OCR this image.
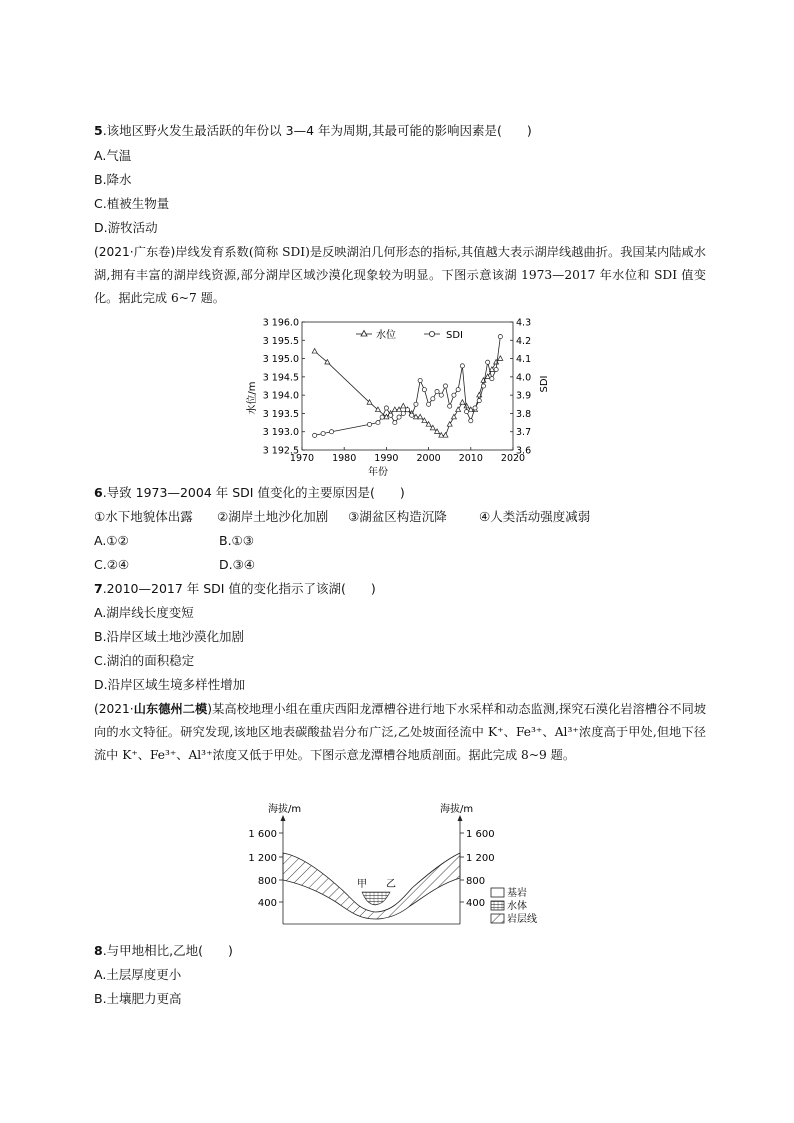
5.该地区野火发生最活跃的年份以 3—4 年为周期,其最可能的影响因素是(　　)
A.气温
B.降水
C.植被生物量
D.游牧活动
(2021·广东卷)岸线发育系数(简称 SDI)是反映湖泊几何形态的指标,其值越大表示湖岸线越曲折。我国某内陆咸水湖,拥有丰富的湖岸线资源,部分湖岸区域沙漠化现象较为明显。下图示意该湖 1973—2017 年水位和 SDI 值变化。据此完成 6~7 题。
3 192.5
3 193.0
3 193.5
3 194.0
3 194.5
3 195.0
3 195.5
3 196.0
3.6
3.7
3.8
3.9
4.0
4.1
4.2
4.3
1970 1980 1990 2000 2010 2020
水位	SDI
水位/m	SDI
年份
6.导致 1973—2004 年 SDI 值变化的主要原因是(　　)
①水下地貌体出露 ②湖岸土地沙化加剧 ③湖盆区构造沉降	④人类活动强度减弱
A.①②	B.①③
C.②④	D.③④
7.2010—2017 年 SDI 值的变化指示了该湖(　　)
A.湖岸线长度变短
B.沿岸区域土地沙漠化加剧
C.湖泊的面积稳定
D.沿岸区域生境多样性增加
(2021·山东德州二模)某高校地理小组在重庆西阳龙潭槽谷进行地下水采样和动态监测,探究石漠化岩溶槽谷不同坡向的水文特征。研究发现,该地区地表碳酸盐岩分布广泛,乙处坡面径流中 K⁺、Fe³⁺、Al³⁺浓度高于甲处,但地下径流中 K⁺、Fe³⁺、Al³⁺浓度又低于甲处。下图示意龙潭槽谷地质剖面。据此完成 8~9 题。
海拔/m	海拔/m
1 600
1 200
800
400
1 600
1 200
800
400
甲 乙
基岩
水体
岩层线
8.与甲地相比,乙地(　　)
A.土层厚度更小
B.土壤肥力更高
